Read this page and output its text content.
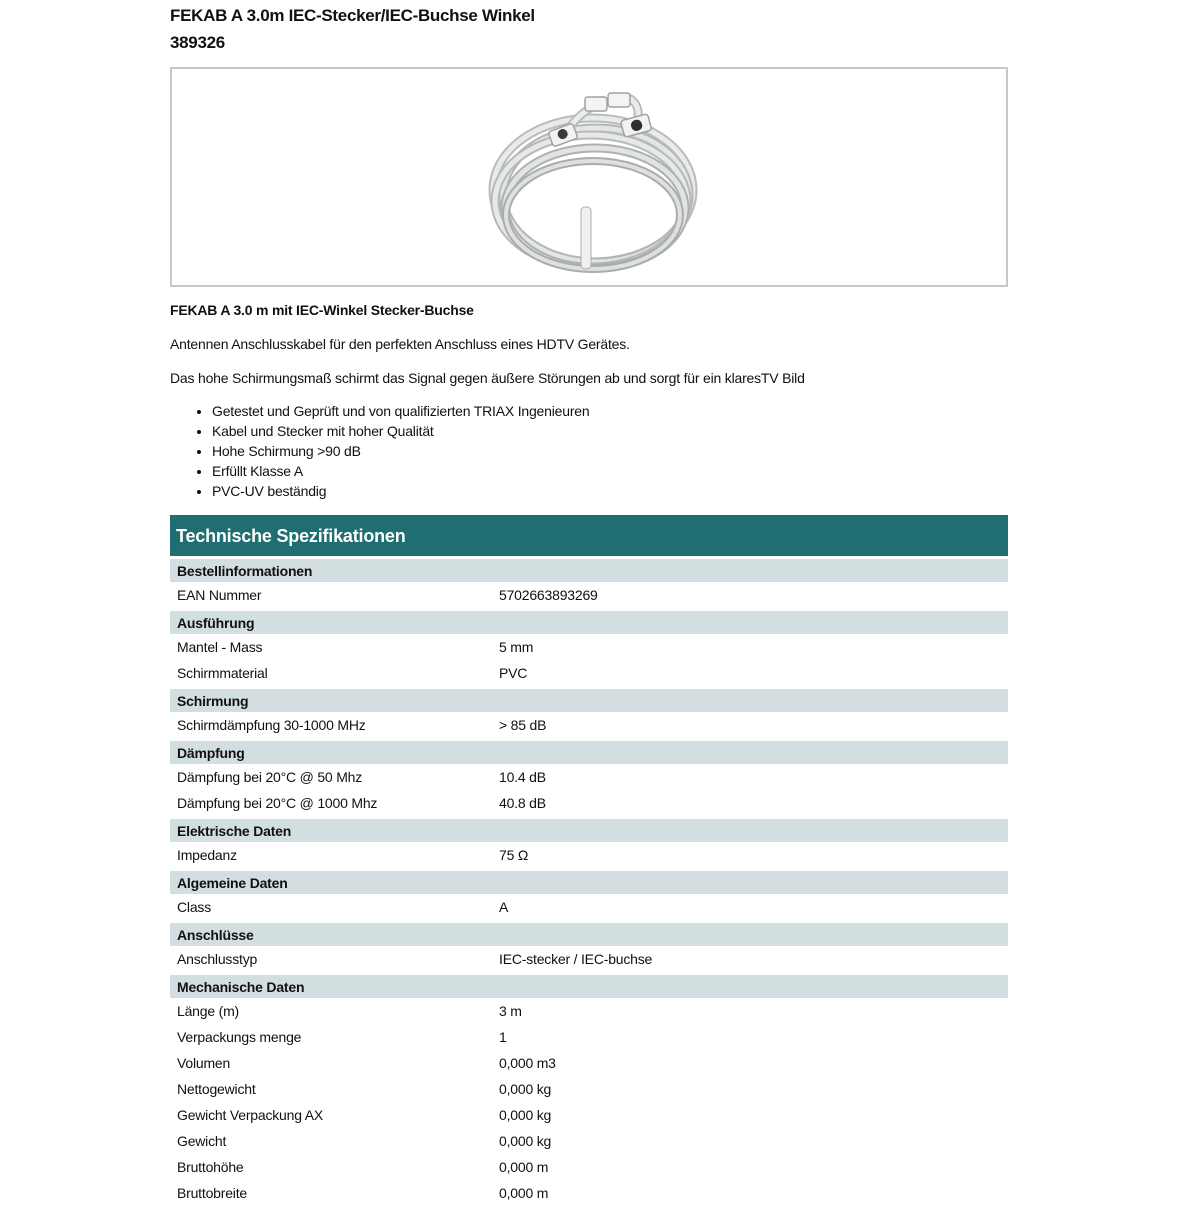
FEKAB A 3.0m IEC-Stecker/IEC-Buchse Winkel
389326
FEKAB A 3.0 m mit IEC-Winkel Stecker-Buchse
Antennen Anschlusskabel für den perfekten Anschluss eines HDTV Gerätes.
Das hohe Schirmungsmaß schirmt das Signal gegen äußere Störungen ab und sorgt für ein klaresTV Bild
• Getestet und Geprüft und von qualifizierten TRIAX Ingenieuren
• Kabel und Stecker mit hoher Qualität
• Hohe Schirmung >90 dB
• Erfüllt Klasse A
• PVC-UV beständig
Technische Spezifikationen
Bestellinformationen
EAN Nummer	5702663893269
Ausführung
Mantel - Mass	5 mm
Schirmmaterial	PVC
Schirmung
Schirmdämpfung 30-1000 MHz	> 85 dB
Dämpfung
Dämpfung bei 20°C @ 50 Mhz	10.4 dB
Dämpfung bei 20°C @ 1000 Mhz	40.8 dB
Elektrische Daten
Impedanz	75 Ω
Algemeine Daten
Class	A
Anschlüsse
Anschlusstyp	IEC-stecker / IEC-buchse
Mechanische Daten
Länge (m)	3 m
Verpackungs menge	1
Volumen	0,000 m3
Nettogewicht	0,000 kg
Gewicht Verpackung AX	0,000 kg
Gewicht	0,000 kg
Bruttohöhe	0,000 m
Bruttobreite	0,000 m
